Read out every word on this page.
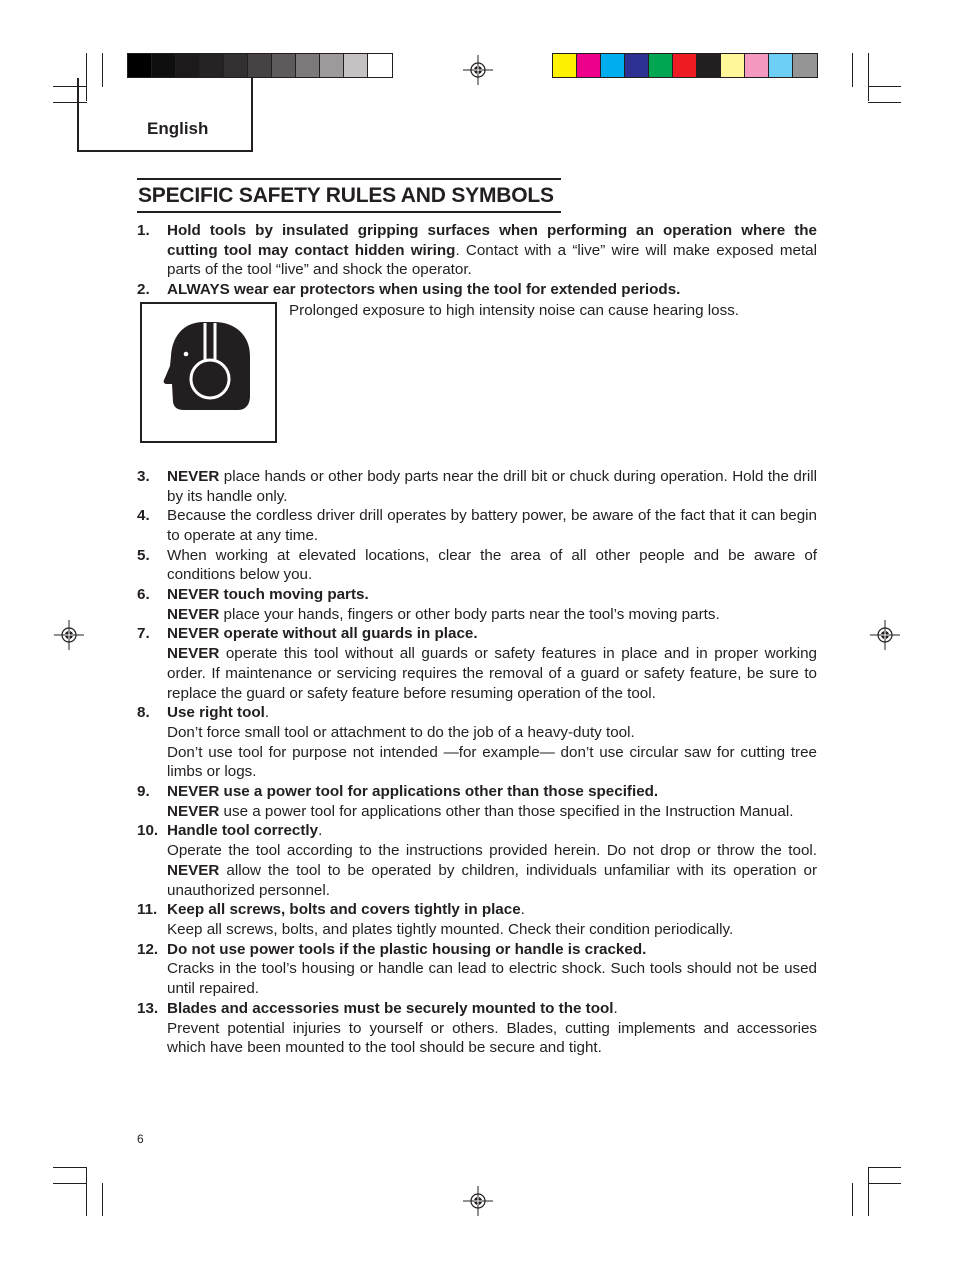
English
SPECIFIC SAFETY RULES AND SYMBOLS
1. Hold tools by insulated gripping surfaces when performing an operation where the cutting tool may contact hidden wiring. Contact with a “live” wire will make exposed metal parts of the tool “live” and shock the operator.
2. ALWAYS wear ear protectors when using the tool for extended periods.
Prolonged exposure to high intensity noise can cause hearing loss.
3. NEVER place hands or other body parts near the drill bit or chuck during operation. Hold the drill by its handle only.
4. Because the cordless driver drill operates by battery power, be aware of the fact that it can begin to operate at any time.
5. When working at elevated locations, clear the area of all other people and be aware of conditions below you.
6. NEVER touch moving parts.
NEVER place your hands, fingers or other body parts near the tool’s moving parts.
7. NEVER operate without all guards in place.
NEVER operate this tool without all guards or safety features in place and in proper working order. If maintenance or servicing requires the removal of a guard or safety feature, be sure to replace the guard or safety feature before resuming operation of the tool.
8. Use right tool.
Don’t force small tool or attachment to do the job of a heavy-duty tool.
Don’t use tool for purpose not intended —for example— don’t use circular saw for cutting tree limbs or logs.
9. NEVER use a power tool for applications other than those specified.
NEVER use a power tool for applications other than those specified in the Instruction Manual.
10. Handle tool correctly.
Operate the tool according to the instructions provided herein. Do not drop or throw the tool. NEVER allow the tool to be operated by children, individuals unfamiliar with its operation or unauthorized personnel.
11. Keep all screws, bolts and covers tightly in place.
Keep all screws, bolts, and plates tightly mounted. Check their condition periodically.
12. Do not use power tools if the plastic housing or handle is cracked.
Cracks in the tool’s housing or handle can lead to electric shock. Such tools should not be used until repaired.
13. Blades and accessories must be securely mounted to the tool.
Prevent potential injuries to yourself or others. Blades, cutting implements and accessories which have been mounted to the tool should be secure and tight.
6
